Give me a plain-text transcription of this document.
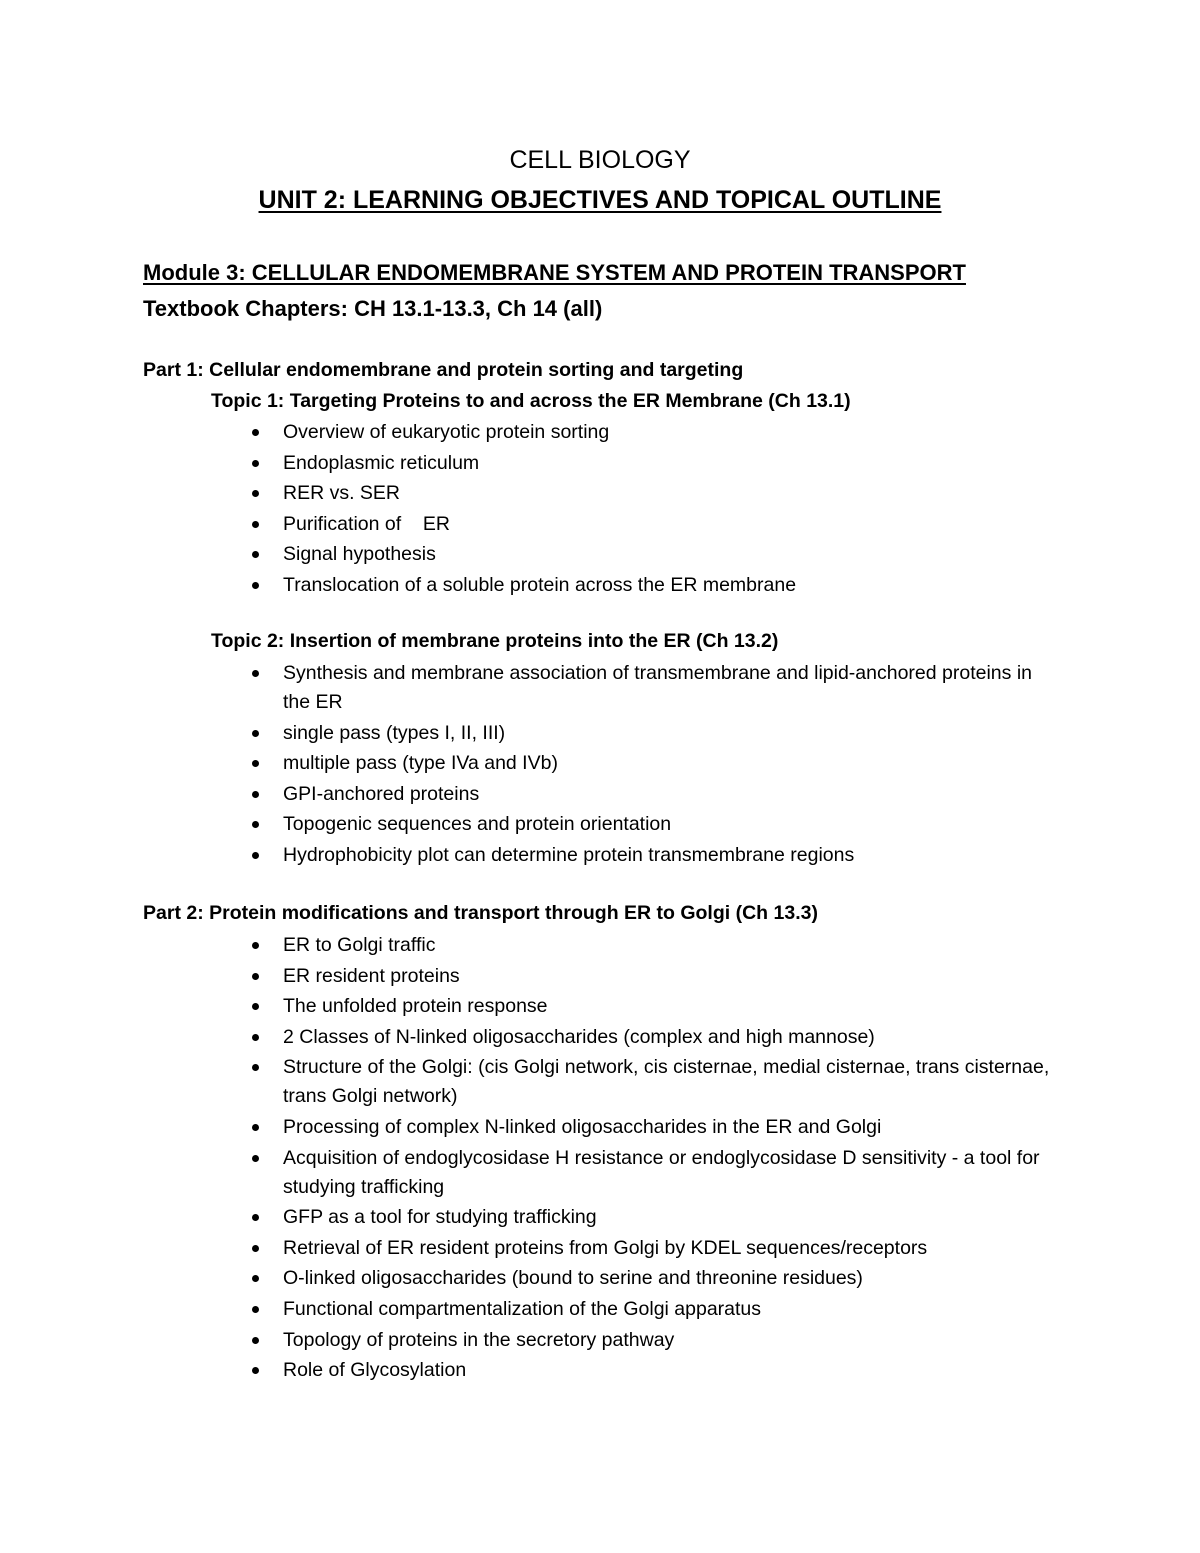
CELL BIOLOGY
UNIT 2: LEARNING OBJECTIVES AND TOPICAL OUTLINE
Module 3: CELLULAR ENDOMEMBRANE SYSTEM AND PROTEIN TRANSPORT
Textbook Chapters: CH 13.1-13.3, Ch 14 (all)
Part 1: Cellular endomembrane and protein sorting and targeting
Topic 1: Targeting Proteins to and across the ER Membrane (Ch 13.1)
Overview of eukaryotic protein sorting
Endoplasmic reticulum
RER vs. SER
Purification of    ER
Signal hypothesis
Translocation of a soluble protein across the ER membrane
Topic 2: Insertion of membrane proteins into the ER (Ch 13.2)
Synthesis and membrane association of transmembrane and lipid-anchored proteins in the ER
single pass (types I, II, III)
multiple pass (type IVa and IVb)
GPI-anchored proteins
Topogenic sequences and protein orientation
Hydrophobicity plot can determine protein transmembrane regions
Part 2: Protein modifications and transport through ER to Golgi (Ch 13.3)
ER to Golgi traffic
ER resident proteins
The unfolded protein response
2 Classes of N-linked oligosaccharides (complex and high mannose)
Structure of the Golgi: (cis Golgi network, cis cisternae, medial cisternae, trans cisternae, trans Golgi network)
Processing of complex N-linked oligosaccharides in the ER and Golgi
Acquisition of endoglycosidase H resistance or endoglycosidase D sensitivity - a tool for studying trafficking
GFP as a tool for studying trafficking
Retrieval of ER resident proteins from Golgi by KDEL sequences/receptors
O-linked oligosaccharides (bound to serine and threonine residues)
Functional compartmentalization of the Golgi apparatus
Topology of proteins in the secretory pathway
Role of Glycosylation
